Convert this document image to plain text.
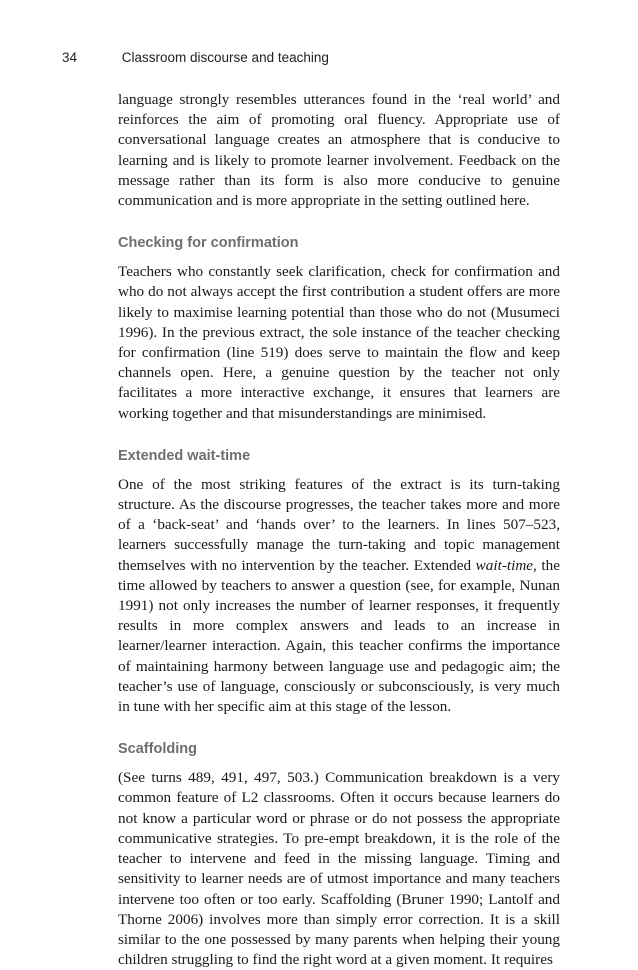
34	Classroom discourse and teaching

language strongly resembles utterances found in the ‘real world’ and reinforces the aim of promoting oral fluency. Appropriate use of conversational language creates an atmosphere that is conducive to learning and is likely to promote learner involvement. Feedback on the message rather than its form is also more conducive to genuine communication and is more appropriate in the setting outlined here.

Checking for confirmation

Teachers who constantly seek clarification, check for confirmation and who do not always accept the first contribution a student offers are more likely to maximise learning potential than those who do not (Musumeci 1996). In the previous extract, the sole instance of the teacher checking for confirmation (line 519) does serve to maintain the flow and keep channels open. Here, a genuine question by the teacher not only facilitates a more interactive exchange, it ensures that learners are working together and that misunderstandings are minimised.

Extended wait-time

One of the most striking features of the extract is its turn-taking structure. As the discourse progresses, the teacher takes more and more of a ‘back-seat’ and ‘hands over’ to the learners. In lines 507–523, learners successfully manage the turn-taking and topic management themselves with no intervention by the teacher. Extended wait-time, the time allowed by teachers to answer a question (see, for example, Nunan 1991) not only increases the number of learner responses, it frequently results in more complex answers and leads to an increase in learner/learner interaction. Again, this teacher confirms the importance of maintaining harmony between language use and pedagogic aim; the teacher’s use of language, consciously or subconsciously, is very much in tune with her specific aim at this stage of the lesson.

Scaffolding

(See turns 489, 491, 497, 503.) Communication breakdown is a very common feature of L2 classrooms. Often it occurs because learners do not know a particular word or phrase or do not possess the appropriate communicative strategies. To pre-empt breakdown, it is the role of the teacher to intervene and feed in the missing language. Timing and sensitivity to learner needs are of utmost importance and many teachers intervene too often or too early. Scaffolding (Bruner 1990; Lantolf and Thorne 2006) involves more than simply error correction. It is a skill similar to the one possessed by many parents when helping their young children struggling to find the right word at a given moment. It requires
